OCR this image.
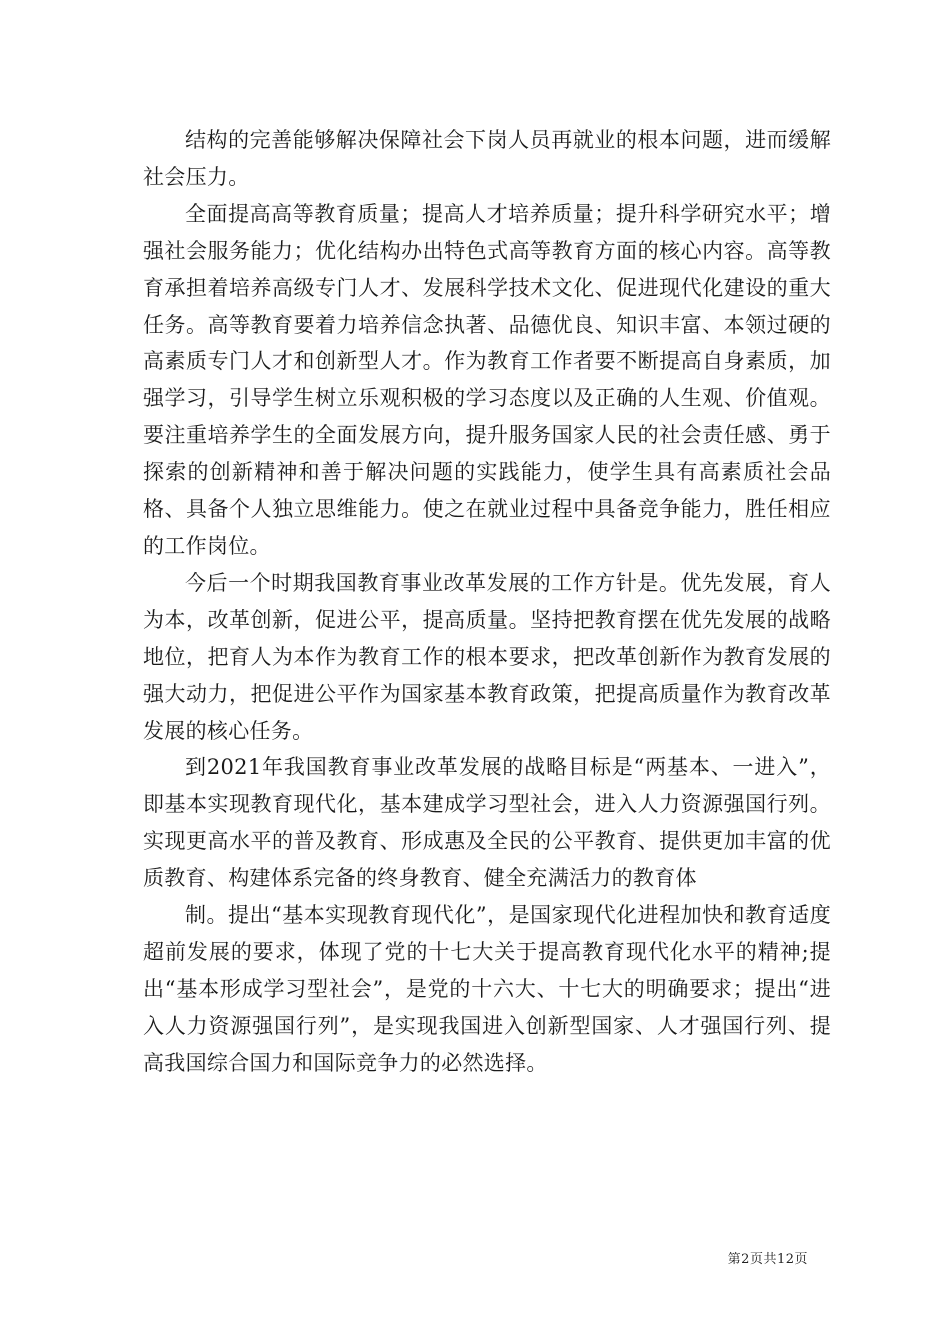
结构的完善能够解决保障社会下岗人员再就业的根本问题，进而缓解社会压力。

全面提高高等教育质量；提高人才培养质量；提升科学研究水平；增强社会服务能力；优化结构办出特色式高等教育方面的核心内容。高等教育承担着培养高级专门人才、发展科学技术文化、促进现代化建设的重大任务。高等教育要着力培养信念执著、品德优良、知识丰富、本领过硬的高素质专门人才和创新型人才。作为教育工作者要不断提高自身素质，加强学习，引导学生树立乐观积极的学习态度以及正确的人生观、价值观。要注重培养学生的全面发展方向，提升服务国家人民的社会责任感、勇于探索的创新精神和善于解决问题的实践能力，使学生具有高素质社会品格、具备个人独立思维能力。使之在就业过程中具备竞争能力，胜任相应的工作岗位。

今后一个时期我国教育事业改革发展的工作方针是。优先发展，育人为本，改革创新，促进公平，提高质量。坚持把教育摆在优先发展的战略地位，把育人为本作为教育工作的根本要求，把改革创新作为教育发展的强大动力，把促进公平作为国家基本教育政策，把提高质量作为教育改革发展的核心任务。

到2021年我国教育事业改革发展的战略目标是“两基本、一进入”，即基本实现教育现代化，基本建成学习型社会，进入人力资源强国行列。实现更高水平的普及教育、形成惠及全民的公平教育、提供更加丰富的优质教育、构建体系完备的终身教育、健全充满活力的教育体

制。提出“基本实现教育现代化”，是国家现代化进程加快和教育适度超前发展的要求，体现了党的十七大关于提高教育现代化水平的精神;提出“基本形成学习型社会”，是党的十六大、十七大的明确要求；提出“进入人力资源强国行列”，是实现我国进入创新型国家、人才强国行列、提高我国综合国力和国际竞争力的必然选择。

第2页共12页
